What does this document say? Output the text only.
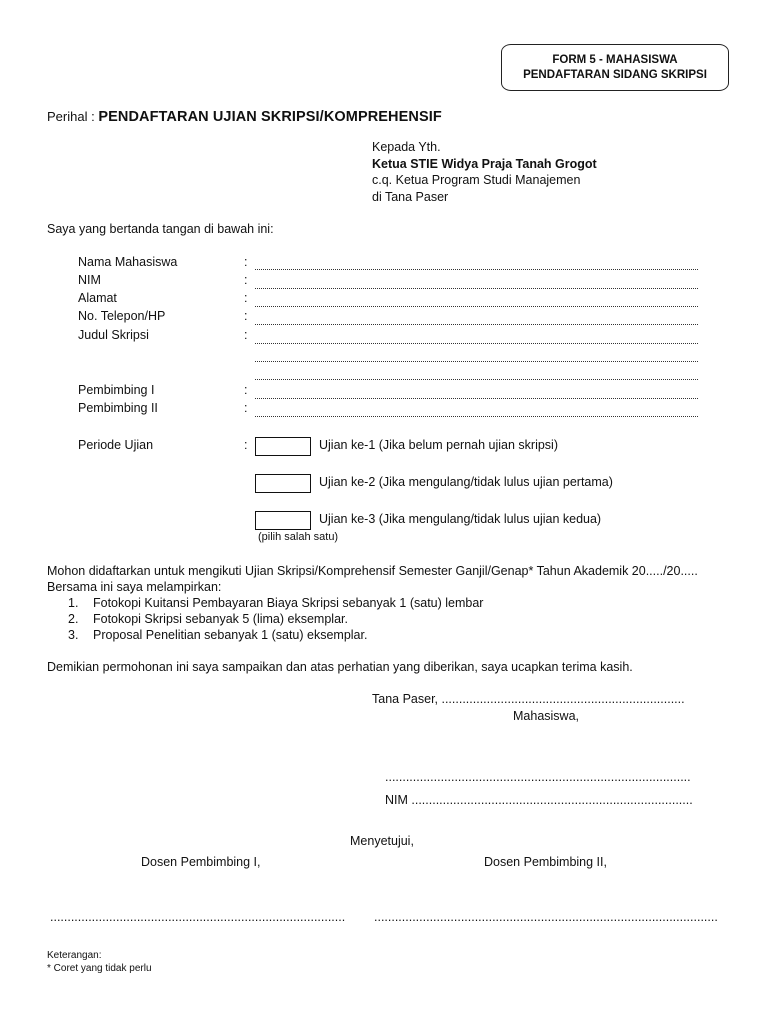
FORM 5 - MAHASISWA
PENDAFTARAN SIDANG SKRIPSI
Perihal : PENDAFTARAN UJIAN SKRIPSI/KOMPREHENSIF
Kepada Yth.
Ketua STIE Widya Praja Tanah Grogot
c.q. Ketua Program Studi Manajemen
di Tana Paser
Saya yang bertanda tangan di bawah ini:
Nama Mahasiswa	:
NIM	:
Alamat	:
No. Telepon/HP	:
Judul Skripsi	:
Pembimbing I	:
Pembimbing II	:
Periode Ujian	:	Ujian ke-1 (Jika belum pernah ujian skripsi)
Ujian ke-2 (Jika mengulang/tidak lulus ujian pertama)
Ujian ke-3 (Jika mengulang/tidak lulus ujian kedua)
(pilih salah satu)
Mohon didaftarkan untuk mengikuti Ujian Skripsi/Komprehensif Semester Ganjil/Genap* Tahun Akademik 20...../20.....
Bersama ini saya melampirkan:
1. Fotokopi Kuitansi Pembayaran Biaya Skripsi sebanyak 1 (satu) lembar
2. Fotokopi Skripsi sebanyak 5 (lima) eksemplar.
3. Proposal Penelitian sebanyak 1 (satu) eksemplar.
Demikian permohonan ini saya sampaikan dan atas perhatian yang diberikan, saya ucapkan terima kasih.
Tana Paser, ......................................................................
Mahasiswa,
........................................................................................
NIM .................................................................................
Menyetujui,
Dosen Pembimbing I,	Dosen Pembimbing II,
..................................................................................... ...................................................................................................
Keterangan:
* Coret yang tidak perlu
